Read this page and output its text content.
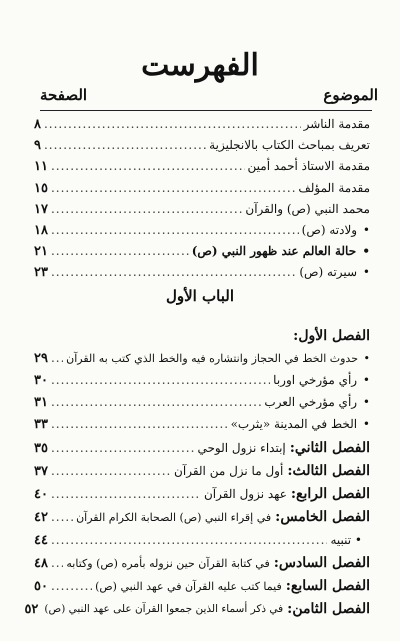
الفهرست
الموضوع
الصفحة
مقدمة الناشر
.....
٨
تعريف بمباحث الكتاب بالانجليزية
.....
٩
مقدمة الاستاذ أحمد أمين
.....
١١
مقدمة المؤلف
.....
١٥
محمد النبي (ص) والقرآن
.....
١٧
• ولادته (ص)
.....
١٨
• حالة العالم عند ظهور النبي (ص)
.....
٢١
• سيرته (ص)
.....
٢٣
الباب الأول
الفصل الأول:
• حدوث الخط في الحجاز وانتشاره فيه والخط الذي كتب به القرآن
.....
٢٩
• رأي مؤرخي اوربا
.....
٣٠
• رأي مؤرخي العرب
.....
٣١
• الخط في المدينة «يثرب»
.....
٣٣
الفصل الثاني:
إبتداء نزول الوحي
.....
٣٥
الفصل الثالث:
أول ما نزل من القرآن
.....
٣٧
الفصل الرابع:
عهد نزول القرآن
.....
٤٠
الفصل الخامس:
في إقراء النبي (ص) الصحابة الكرام القرآن
.....
٤٢
• تنبيه
.....
٤٤
الفصل السادس:
في كتابة القرآن حين نزوله بأمره (ص) وكتابه
.....
٤٨
الفصل السابع:
فيما كتب عليه القرآن في عهد النبي (ص)
.....
٥٠
الفصل الثامن:
في ذكر أسماء الذين جمعوا القرآن على عهد النبي (ص)
٥٢
